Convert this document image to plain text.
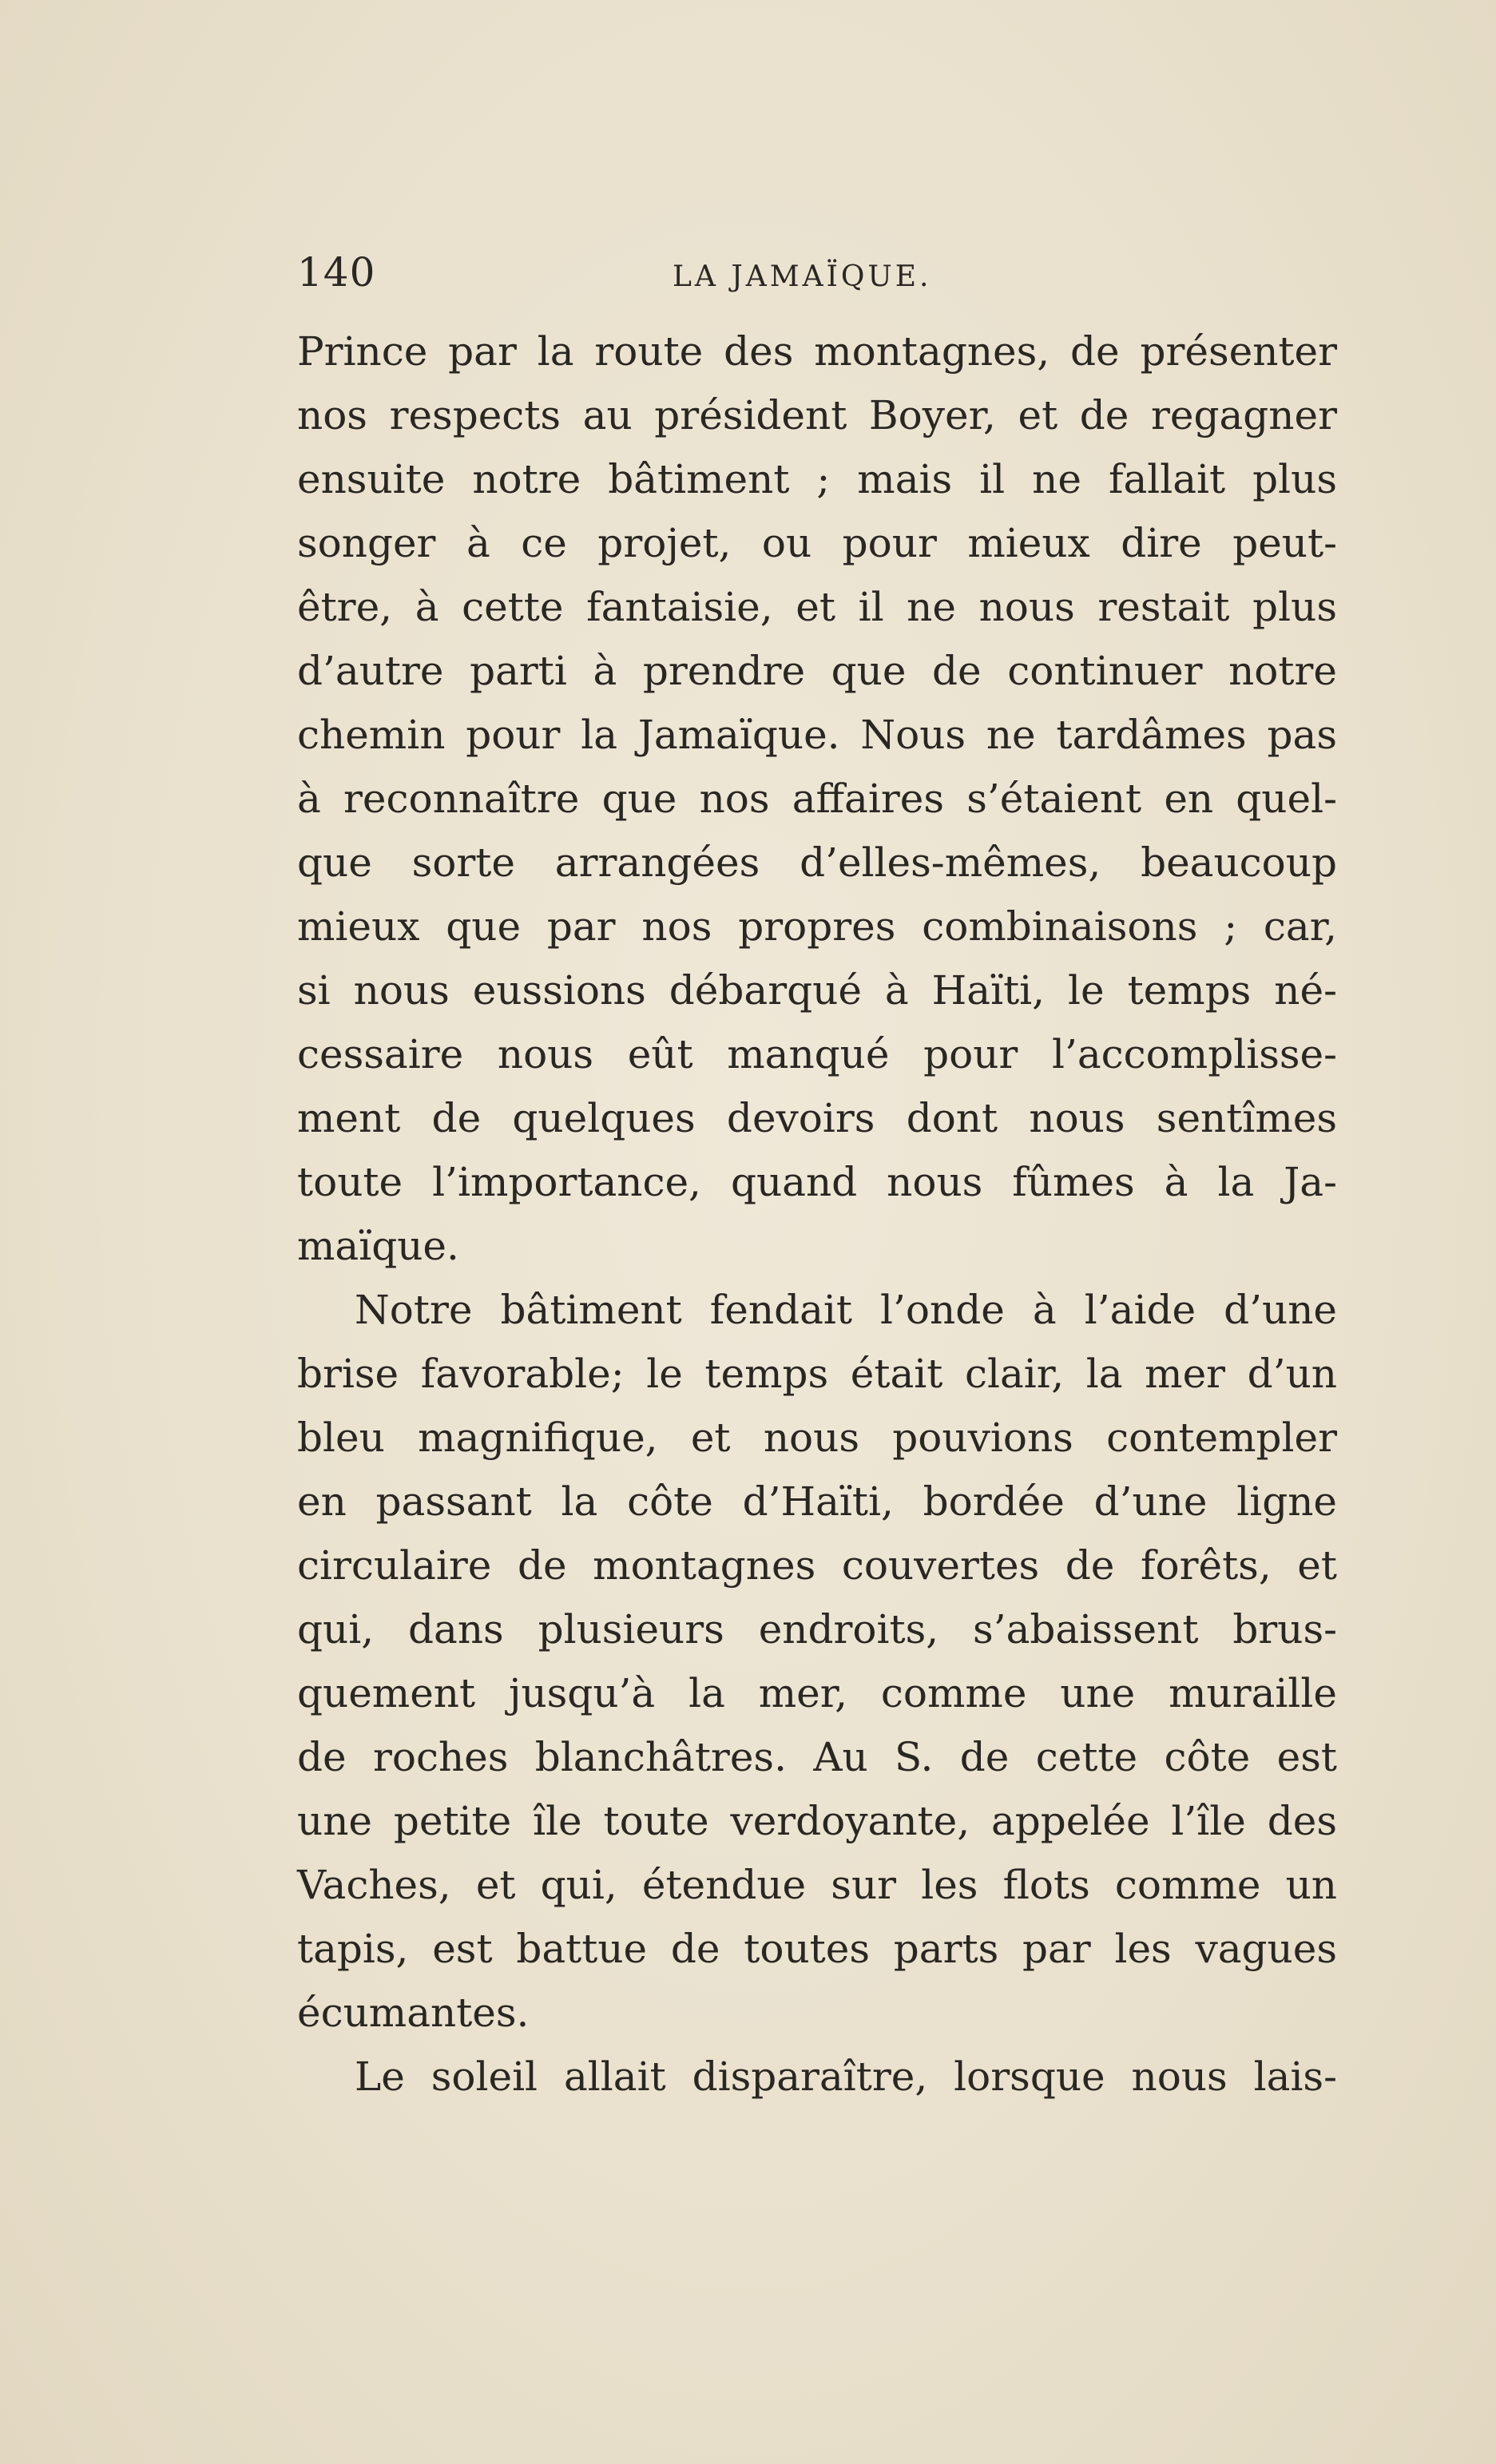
140	LA JAMAÏQUE.
Prince par la route des montagnes, de présenter
nos respects au président Boyer, et de regagner
ensuite notre bâtiment ; mais il ne fallait plus
songer à ce projet, ou pour mieux dire peut-
être, à cette fantaisie, et il ne nous restait plus
d’autre parti à prendre que de continuer notre
chemin pour la Jamaïque. Nous ne tardâmes pas
à reconnaître que nos affaires s’étaient en quel-
que sorte arrangées d’elles-mêmes, beaucoup
mieux que par nos propres combinaisons ; car,
si nous eussions débarqué à Haïti, le temps né-
cessaire nous eût manqué pour l’accomplisse-
ment de quelques devoirs dont nous sentîmes
toute l’importance, quand nous fûmes à la Ja-
maïque.
Notre bâtiment fendait l’onde à l’aide d’une
brise favorable; le temps était clair, la mer d’un
bleu magnifique, et nous pouvions contempler
en passant la côte d’Haïti, bordée d’une ligne
circulaire de montagnes couvertes de forêts, et
qui, dans plusieurs endroits, s’abaissent brus-
quement jusqu’à la mer, comme une muraille
de roches blanchâtres. Au S. de cette côte est
une petite île toute verdoyante, appelée l’île des
Vaches, et qui, étendue sur les flots comme un
tapis, est battue de toutes parts par les vagues
écumantes.
Le soleil allait disparaître, lorsque nous lais-
